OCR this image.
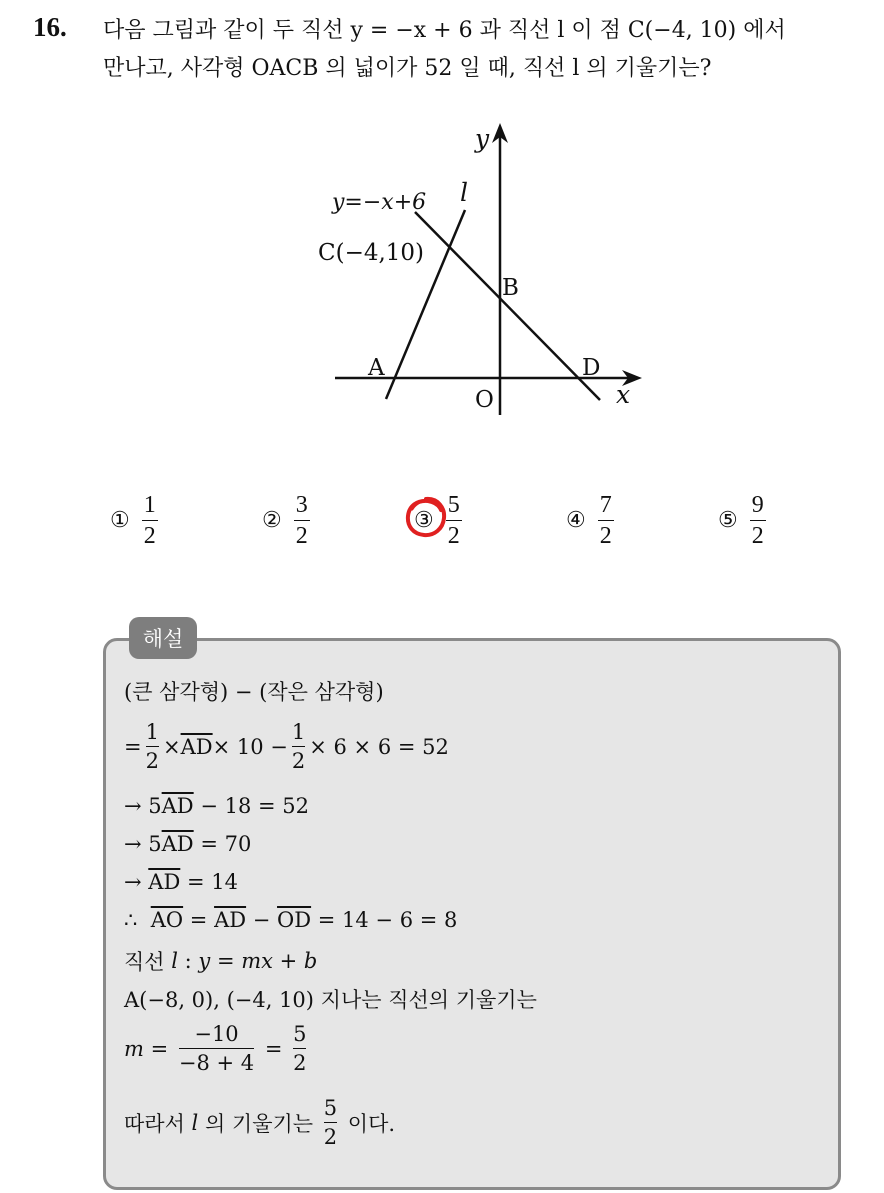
16. 다음 그림과 같이 두 직선 y = −x + 6 과 직선 l 이 점 C(−4, 10) 에서
만나고, 사각형 OACB 의 넓이가 52 일 때, 직선 l 의 기울기는?
y
x
y=−x+6 l
C(−4,10)
B
A	D
O
① $\frac{1}{2}$	② $\frac{3}{2}$	③ $\frac{5}{2}$	④ $\frac{7}{2}$	⑤ $\frac{9}{2}$
해설
(큰 삼각형) − (작은 삼각형)
=
1
2
× $\overline{AD} \times 10$ −
1
2
× 6 × 6 = 52
→ 5 $\overline{AD} - 18 = 52$
→ 5 $\overline{AD} = 70$
→ $\overline{AD} = 14$
∴ $\overline{AO} = \overline{AD} - \overline{OD} = 14 - 6 = 8$
직선 l : y = mx + b
A(−8, 0), (−4, 10) 지나는 직선의 기울기는
m =
−10
−8 + 4
=
5
2
따라서 l 의 기울기는
5
2
이다.
